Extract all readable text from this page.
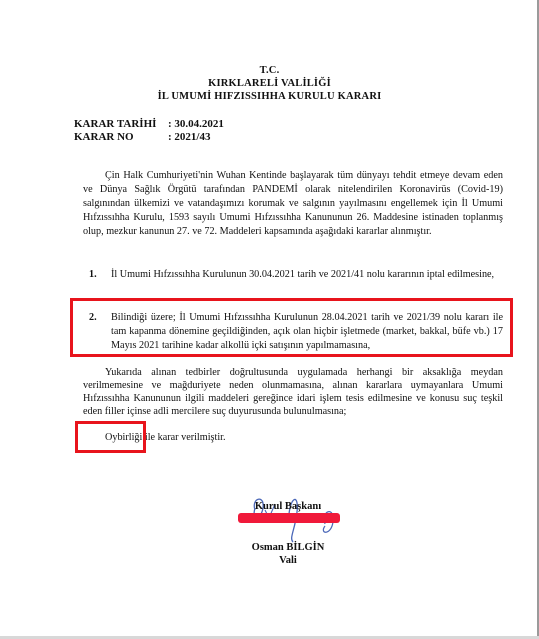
T.C.
KIRKLARELİ VALİLİĞİ
İL UMUMİ HIFZISSIHHA KURULU KARARI
KARAR TARİHİ : 30.04.2021
KARAR NO	: 2021/43
Çin Halk Cumhuriyeti'nin Wuhan Kentinde başlayarak tüm dünyayı tehdit etmeye devam eden ve Dünya Sağlık Örgütü tarafından PANDEMİ olarak nitelendirilen Koronavirüs (Covid-19) salgınından ülkemizi ve vatandaşımızı korumak ve salgının yayılmasını engellemek için İl Umumi Hıfzıssıhha Kurulu, 1593 sayılı Umumi Hıfzıssıhha Kanununun 26. Maddesine istinaden toplanmış olup, mezkur kanunun 27. ve 72. Maddeleri kapsamında aşağıdaki kararlar alınmıştır.
1. İl Umumi Hıfzıssıhha Kurulunun 30.04.2021 tarih ve 2021/41 nolu kararının iptal edilmesine,
2. Bilindiği üzere; İl Umumi Hıfzıssıhha Kurulunun 28.04.2021 tarih ve 2021/39 nolu kararı ile tam kapanma dönemine geçildiğinden, açık olan hiçbir işletmede (market, bakkal, büfe vb.) 17 Mayıs 2021 tarihine kadar alkollü içki satışının yapılmamasına,
Yukarıda alınan tedbirler doğrultusunda uygulamada herhangi bir aksaklığa meydan verilmemesine ve mağduriyete neden olunmamasına, alınan kararlara uymayanlara Umumi Hıfzıssıhha Kanununun ilgili maddeleri gereğince idari işlem tesis edilmesine ve konusu suç teşkil eden filler içinse adli mercilere suç duyurusunda bulunulmasına;
Oybirliği ile karar verilmiştir.
Kurul Başkanı
Osman BİLGİN
Vali
